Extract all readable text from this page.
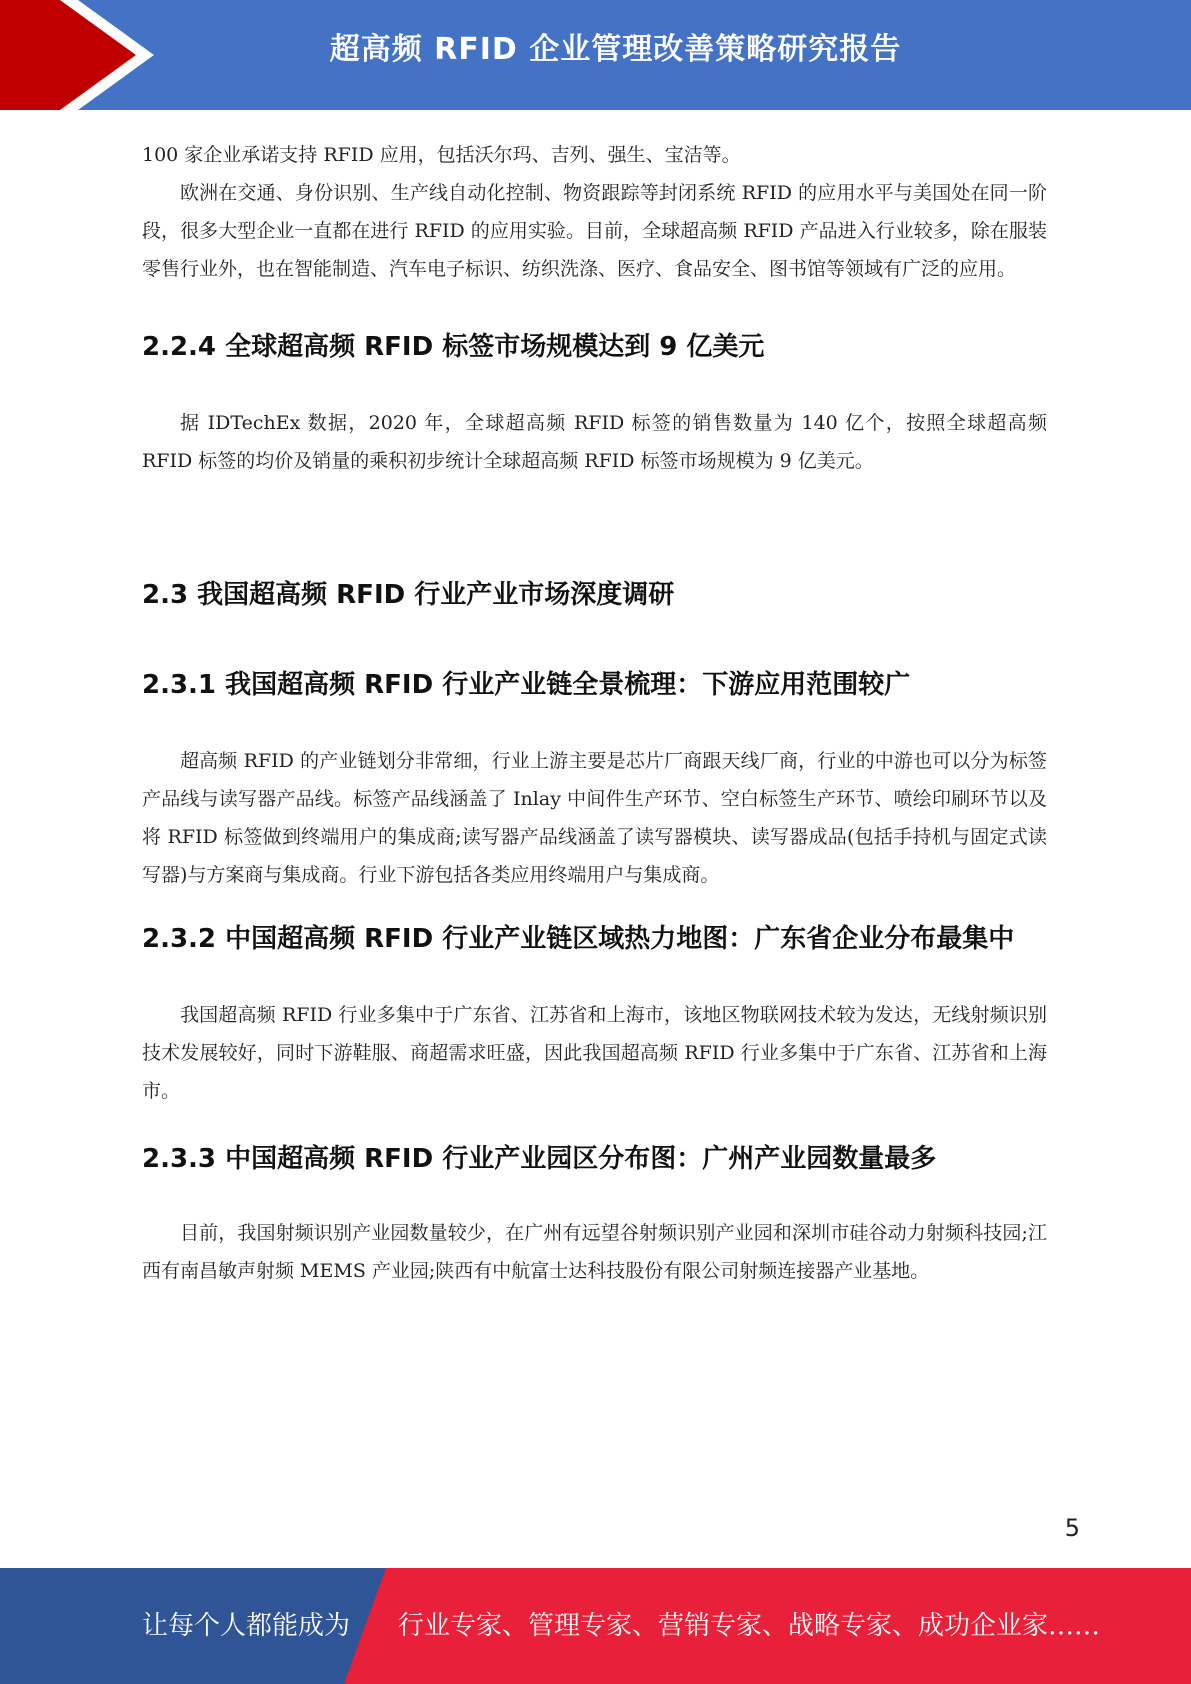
超高频 RFID 企业管理改善策略研究报告

100 家企业承诺支持 RFID 应用，包括沃尔玛、吉列、强生、宝洁等。

欧洲在交通、身份识别、生产线自动化控制、物资跟踪等封闭系统 RFID 的应用水平与美国处在同一阶段，很多大型企业一直都在进行 RFID 的应用实验。目前，全球超高频 RFID 产品进入行业较多，除在服装零售行业外，也在智能制造、汽车电子标识、纺织洗涤、医疗、食品安全、图书馆等领域有广泛的应用。

2.2.4 全球超高频 RFID 标签市场规模达到 9 亿美元

据 IDTechEx 数据，2020 年，全球超高频 RFID 标签的销售数量为 140 亿个，按照全球超高频 RFID 标签的均价及销量的乘积初步统计全球超高频 RFID 标签市场规模为 9 亿美元。

2.3 我国超高频 RFID 行业产业市场深度调研
2.3.1 我国超高频 RFID 行业产业链全景梳理：下游应用范围较广

超高频 RFID 的产业链划分非常细，行业上游主要是芯片厂商跟天线厂商，行业的中游也可以分为标签产品线与读写器产品线。标签产品线涵盖了 Inlay 中间件生产环节、空白标签生产环节、喷绘印刷环节以及将 RFID 标签做到终端用户的集成商;读写器产品线涵盖了读写器模块、读写器成品(包括手持机与固定式读写器)与方案商与集成商。行业下游包括各类应用终端用户与集成商。

2.3.2 中国超高频 RFID 行业产业链区域热力地图：广东省企业分布最集中

我国超高频 RFID 行业多集中于广东省、江苏省和上海市，该地区物联网技术较为发达，无线射频识别技术发展较好，同时下游鞋服、商超需求旺盛，因此我国超高频 RFID 行业多集中于广东省、江苏省和上海市。

2.3.3 中国超高频 RFID 行业产业园区分布图：广州产业园数量最多

目前，我国射频识别产业园数量较少，在广州有远望谷射频识别产业园和深圳市硅谷动力射频科技园;江西有南昌敏声射频 MEMS 产业园;陕西有中航富士达科技股份有限公司射频连接器产业基地。

5
让每个人都能成为 行业专家、管理专家、营销专家、战略专家、成功企业家……
